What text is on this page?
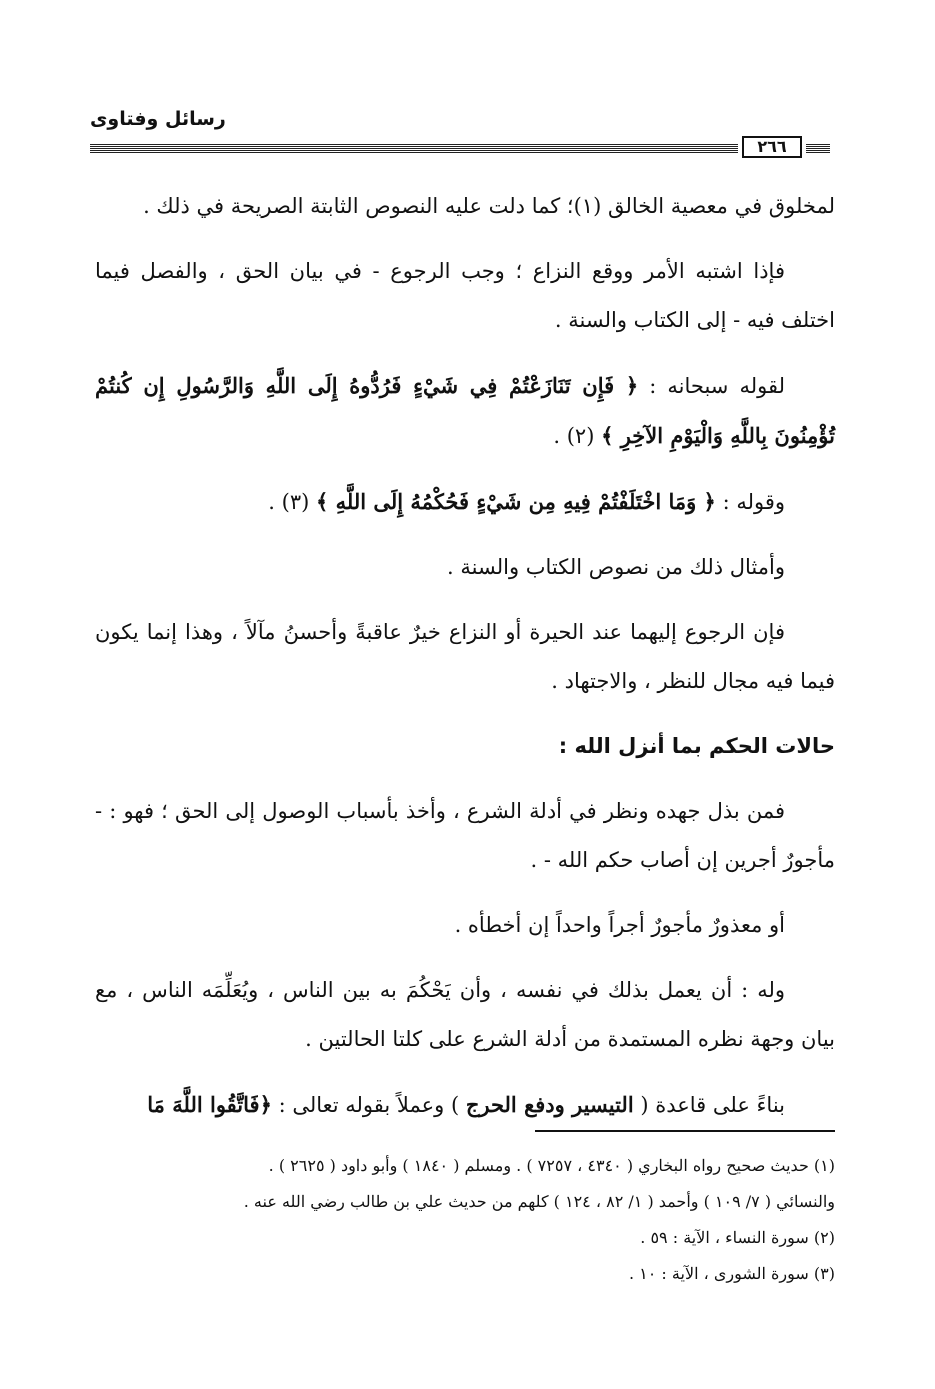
رسائل وفتاوى
٢٦٦

لمخلوق في معصية الخالق (١)؛ كما دلت عليه النصوص الثابتة الصريحة في ذلك .

فإذا اشتبه الأمر ووقع النزاع ؛ وجب الرجوع - في بيان الحق ، والفصل فيما اختلف فيه - إلى الكتاب والسنة .

لقوله سبحانه : ﴿ فَإِن تَنَازَعْتُمْ فِي شَيْءٍ فَرُدُّوهُ إِلَى اللَّهِ وَالرَّسُولِ إِن كُنتُمْ تُؤْمِنُونَ بِاللَّهِ وَالْيَوْمِ الآخِرِ ﴾ (٢) .

وقوله : ﴿ وَمَا اخْتَلَفْتُمْ فِيهِ مِن شَيْءٍ فَحُكْمُهُ إِلَى اللَّهِ ﴾ (٣) .

وأمثال ذلك من نصوص الكتاب والسنة .

فإن الرجوع إليهما عند الحيرة أو النزاع خيرٌ عاقبةً وأحسنُ مآلاً ، وهذا إنما يكون فيما فيه مجال للنظر ، والاجتهاد .

حالات الحكم بما أنزل الله :

فمن بذل جهده ونظر في أدلة الشرع ، وأخذ بأسباب الوصول إلى الحق ؛ فهو : - مأجورٌ أجرين إن أصاب حكم الله - .

أو معذورٌ مأجورٌ أجراً واحداً إن أخطأه .

وله : أن يعمل بذلك في نفسه ، وأن يَحْكُمَ به بين الناس ، ويُعَلِّمَه الناس ، مع بيان وجهة نظره المستمدة من أدلة الشرع على كلتا الحالتين .

بناءً على قاعدة ( التيسير ودفع الحرج ) وعملاً بقوله تعالى : ﴿فَاتَّقُوا اللَّهَ مَا

(١) حديث صحيح رواه البخاري ( ٤٣٤٠ ، ٧٢٥٧ ) . ومسلم ( ١٨٤٠ ) وأبو داود ( ٢٦٢٥ ) .

والنسائي ( ٧/ ١٠٩ ) وأحمد ( ١/ ٨٢ ، ١٢٤ ) كلهم من حديث علي بن طالب رضي الله عنه .

(٢) سورة النساء ، الآية : ٥٩ .

(٣) سورة الشورى ، الآية : ١٠ .
